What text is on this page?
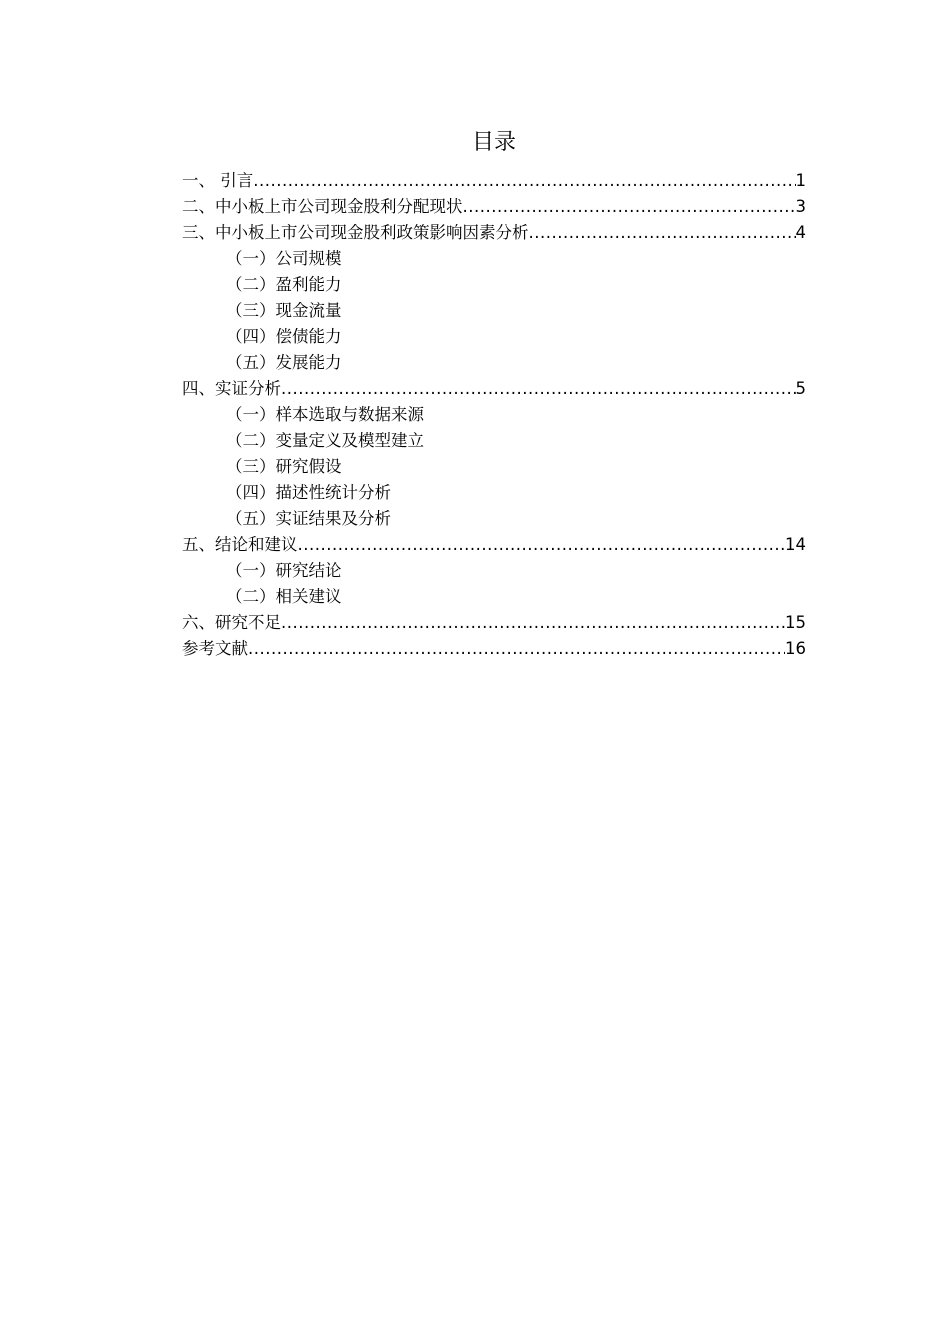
目录
一、 引言 .....	1
二、中小板上市公司现金股利分配现状 .....	3
三、中小板上市公司现金股利政策影响因素分析 .....	4
（一）公司规模
（二）盈利能力
（三）现金流量
（四）偿债能力
（五）发展能力
四、实证分析 .....	5
（一）样本选取与数据来源
（二）变量定义及模型建立
（三）研究假设
（四）描述性统计分析
（五）实证结果及分析
五、结论和建议 .....	14
（一）研究结论
（二）相关建议
六、研究不足 .....	15
参考文献 .....	16
